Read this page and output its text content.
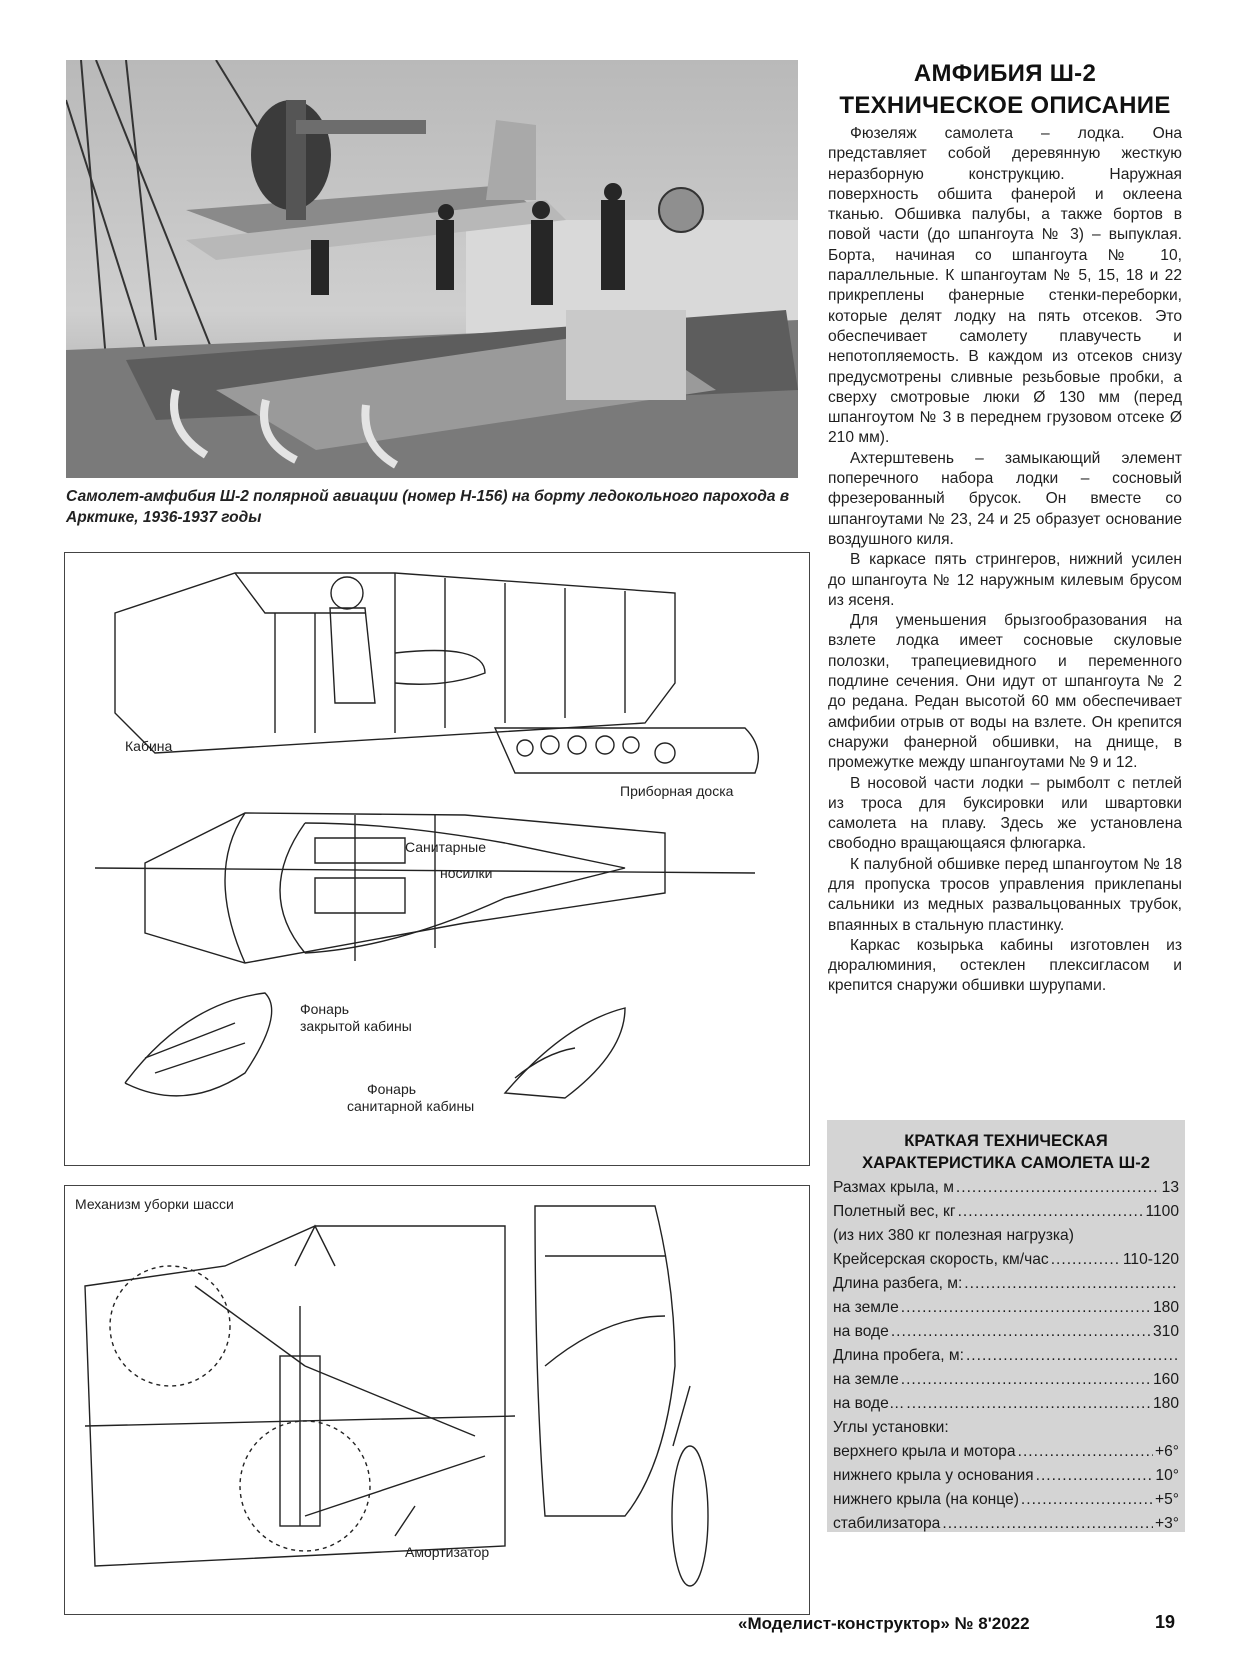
Самолет-амфибия Ш-2 полярной авиации (номер Н-156) на борту ледокольного парохода в Арктике, 1936-1937 годы
Кабина
Приборная доска
Санитарные
носилки
Фонарь
закрытой кабины
Фонарь
санитарной кабины
Механизм уборки шасси
Амортизатор
АМФИБИЯ Ш-2
ТЕХНИЧЕСКОЕ ОПИСАНИЕ

Фюзеляж самолета – лодка. Она представляет собой деревянную жесткую неразборную конструкцию. Наружная поверхность обшита фанерой и оклеена тканью. Обшивка палубы, а также бортов в повой части (до шпангоута № 3) – выпуклая. Борта, начиная со шпангоута № 10, параллельные. К шпангоутам № 5, 15, 18 и 22 прикреплены фанерные стенки-переборки, которые делят лодку на пять отсеков. Это обеспечивает самолету плавучесть и непотопляемость. В каждом из отсеков снизу предусмотрены сливные резьбовые пробки, а сверху смотровые люки Ø 130 мм (перед шпангоутом № 3 в переднем грузовом отсеке Ø 210 мм).

Ахтерштевень – замыкающий элемент поперечного набора лодки – сосновый фрезерованный брусок. Он вместе со шпангоутами № 23, 24 и 25 образует основание воздушного киля.

В каркасе пять стрингеров, нижний усилен до шпангоута № 12 наружным килевым брусом из ясеня.

Для уменьшения брызгообразования на взлете лодка имеет сосновые скуловые полозки, трапециевидного и переменного подлине сечения. Они идут от шпангоута № 2 до редана. Редан высотой 60 мм обеспечивает амфибии отрыв от воды на взлете. Он крепится снаружи фанерной обшивки, на днище, в промежутке между шпангоутами № 9 и 12.

В носовой части лодки – рымболт с петлей из троса для буксировки или швартовки самолета на плаву. Здесь же установлена свободно вращающаяся флюгарка.

К палубной обшивке перед шпангоутом № 18 для пропуска тросов управления приклепаны сальники из медных развальцованных трубок, впаянных в стальную пластинку.

Каркас козырька кабины изготовлен из дюралюминия, остеклен плексигласом и крепится снаружи обшивки шурупами.

КРАТКАЯ ТЕХНИЧЕСКАЯ
ХАРАКТЕРИСТИКА САМОЛЕТА Ш-2
Размах крыла, м .....	13
Полетный вес, кг .....	1100
(из них 380 кг полезная нагрузка)
Крейсерская скорость, км/час .....	110-120
Длина разбега, м:
.....
на земле .....	180
на воде .....	310
Длина пробега, м:
.....
на земле .....	160
на воде… .....	180
Углы установки:
верхнего крыла и мотора .....	+6°
нижнего крыла у основания .....	10°
нижнего крыла (на конце) .....	+5°
стабилизатора .....	+3°
«Моделист-конструктор» № 8'2022	19
